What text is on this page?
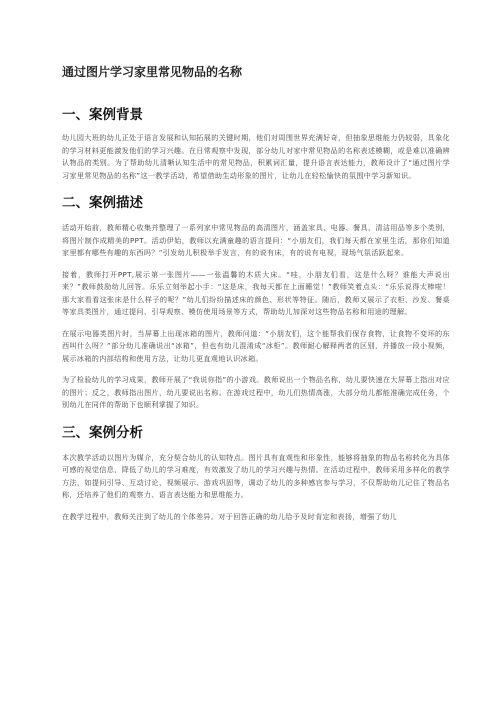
通过图片学习家里常见物品的名称
一、案例背景

幼儿园大班的幼儿正处于语言发展和认知拓展的关键时期，他们对周围世界充满好奇，但抽象思维能力仍较弱，具象化的学习材料更能激发他们的学习兴趣。在日常观察中发现，部分幼儿对家中常见物品的名称表述模糊，或是难以准确辨认物品的类别。为了帮助幼儿清晰认知生活中的常见物品，积累词汇量，提升语言表达能力，教师设计了“通过图片学习家里常见物品的名称”这一教学活动，希望借助生动形象的图片，让幼儿在轻松愉快的氛围中学习新知识。

二、案例描述

活动开始前，教师精心收集并整理了一系列家中常见物品的高清图片，涵盖家具、电器、餐具、清洁用品等多个类别，将图片制作成精美的PPT。活动伊始，教师以充满童趣的语言提问：“小朋友们，我们每天都在家里生活，那你们知道家里都有哪些有趣的东西吗？”引发幼儿积极举手发言，有的说有床，有的说有电视，现场气氛活跃起来。

接着，教师打开PPT,展示第一张图片——一张温馨的木质大床。“哇，小朋友们看，这是什么呀？谁能大声说出来？”教师鼓励幼儿回答。乐乐立刻举起小手：“这是床，我每天都在上面睡觉！”教师笑着点头：“乐乐说得太棒啦！那大家看看这张床是什么样子的呢？”幼儿们纷纷描述床的颜色、形状等特征。随后，教师又展示了衣柜、沙发、餐桌等家具类图片，通过提问、引导观察、模仿使用场景等方式，帮助幼儿加深对这些物品名称和用途的理解。

在展示电器类图片时，当屏幕上出现冰箱的图片，教师问道：“小朋友们，这个能帮我们保存食物，让食物不变坏的东西叫什么呀？”部分幼儿准确说出“冰箱”，但也有幼儿混淆成“冰柜”。教师耐心解释两者的区别，并播放一段小视频，展示冰箱的内部结构和使用方法，让幼儿更直观地认识冰箱。

为了检验幼儿的学习成果，教师开展了“我说你指”的小游戏。教师说出一个物品名称，幼儿要快速在大屏幕上指出对应的图片；反之，教师指出图片，幼儿要说出名称。在游戏过程中，幼儿们热情高涨，大部分幼儿都能准确完成任务，个别幼儿在同伴的帮助下也顺利掌握了知识。

三、案例分析

本次教学活动以图片为媒介，充分契合幼儿的认知特点。图片具有直观性和形象性，能够将抽象的物品名称转化为具体可感的视觉信息，降低了幼儿的学习难度，有效激发了幼儿的学习兴趣与热情。在活动过程中，教师采用多样化的教学方法，如提问引导、互动讨论、视频展示、游戏巩固等，调动了幼儿的多种感官参与学习，不仅帮助幼儿记住了物品名称，还培养了他们的观察力、语言表达能力和思维能力。

在教学过程中，教师关注到了幼儿的个体差异。对于回答正确的幼儿给予及时肯定和表扬，增强了幼儿
